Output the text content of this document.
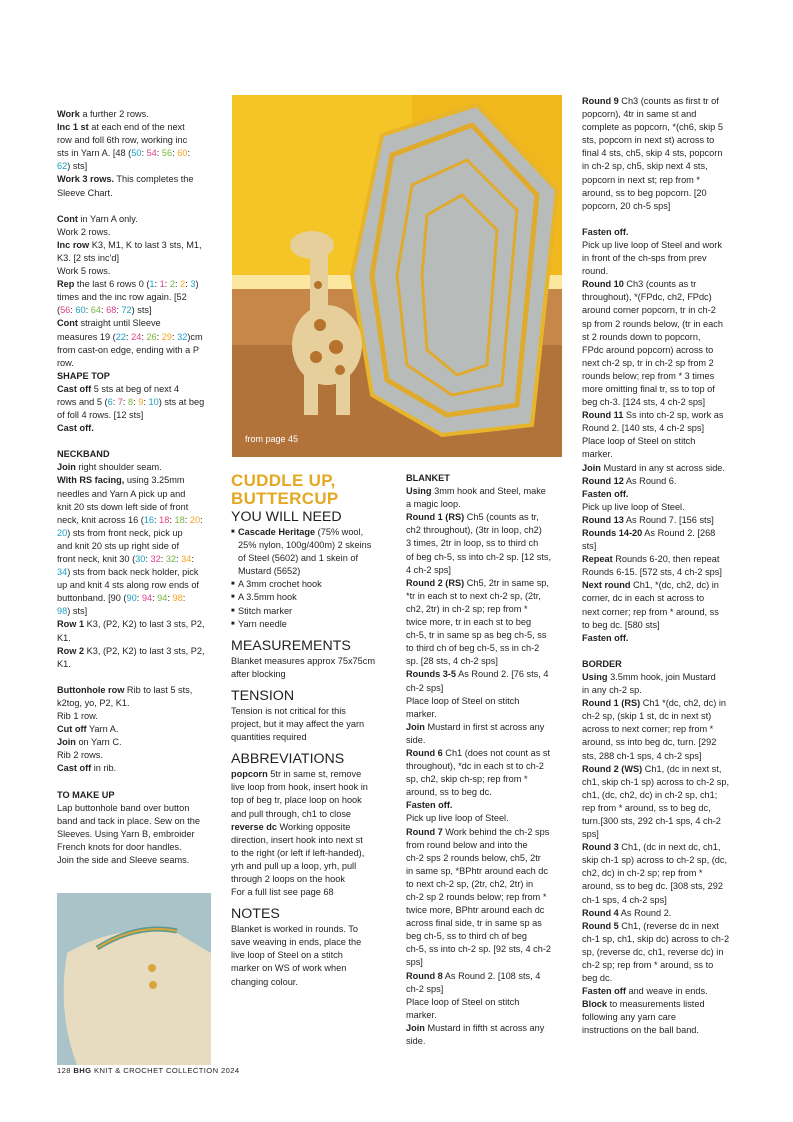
Work a further 2 rows.

Inc 1 st at each end of the next

row and foll 6th row, working inc

sts in Yarn A. [48 (50: 54: 56: 60:

62) sts]

Work 3 rows. This completes the

Sleeve Chart.

Cont in Yarn A only.

Work 2 rows.

Inc row K3, M1, K to last 3 sts, M1,

K3. [2 sts inc'd]

Work 5 rows.

Rep the last 6 rows 0 (1: 1: 2: 2: 3)

times and the inc row again. [52

(56: 60: 64: 68: 72) sts]

Cont straight until Sleeve

measures 19 (22: 24: 26: 29: 32)cm

from cast-on edge, ending with a P

row.

SHAPE TOP

Cast off 5 sts at beg of next 4

rows and 5 (6: 7: 8: 9: 10) sts at beg

of foll 4 rows. [12 sts]

Cast off.

NECKBAND

Join right shoulder seam.

With RS facing, using 3.25mm

needles and Yarn A pick up and

knit 20 sts down left side of front

neck, knit across 16 (16: 18: 18: 20:

20) sts from front neck, pick up

and knit 20 sts up right side of

front neck, knit 30 (30: 32: 32: 34:

34) sts from back neck holder, pick

up and knit 4 sts along row ends of

buttonband. [90 (90: 94: 94: 98:

98) sts]

Row 1 K3, (P2, K2) to last 3 sts, P2,

K1.

Row 2 K3, (P2, K2) to last 3 sts, P2,

K1.

Buttonhole row Rib to last 5 sts,

k2tog, yo, P2, K1.

Rib 1 row.

Cut off Yarn A.

Join on Yarn C.

Rib 2 rows.

Cast off in rib.

TO MAKE UP

Lap buttonhole band over button

band and tack in place. Sew on the

Sleeves. Using Yarn B, embroider

French knots for door handles.

Join the side and Sleeve seams.

from page 45
CUDDLE UP,
BUTTERCUP
YOU WILL NEED
■ Cascade Heritage (75% wool,

25% nylon, 100g/400m) 2 skeins

of Steel (5602) and 1 skein of

Mustard (5652)

■ A 3mm crochet hook

■ A 3.5mm hook

■ Stitch marker

■ Yarn needle

MEASUREMENTS

Blanket measures approx 75x75cm

after blocking

TENSION

Tension is not critical for this

project, but it may affect the yarn

quantities required

ABBREVIATIONS

popcorn 5tr in same st, remove

live loop from hook, insert hook in

top of beg tr, place loop on hook

and pull through, ch1 to close

reverse dc Working opposite

direction, insert hook into next st

to the right (or left if left-handed),

yrh and pull up a loop, yrh, pull

through 2 loops on the hook

For a full list see page 68

NOTES

Blanket is worked in rounds. To

save weaving in ends, place the

live loop of Steel on a stitch

marker on WS of work when

changing colour.

BLANKET

Using 3mm hook and Steel, make

a magic loop.

Round 1 (RS) Ch5 (counts as tr,

ch2 throughout), (3tr in loop, ch2)

3 times, 2tr in loop, ss to third ch

of beg ch-5, ss into ch-2 sp. [12 sts,

4 ch-2 sps]

Round 2 (RS) Ch5, 2tr in same sp,

*tr in each st to next ch-2 sp, (2tr,

ch2, 2tr) in ch-2 sp; rep from *

twice more, tr in each st to beg

ch-5, tr in same sp as beg ch-5, ss

to third ch of beg ch-5, ss in ch-2

sp. [28 sts, 4 ch-2 sps]

Rounds 3-5 As Round 2. [76 sts, 4

ch-2 sps]

Place loop of Steel on stitch

marker.

Join Mustard in first st across any

side.

Round 6 Ch1 (does not count as st

throughout), *dc in each st to ch-2

sp, ch2, skip ch-sp; rep from *

around, ss to beg dc.

Fasten off.

Pick up live loop of Steel.

Round 7 Work behind the ch-2 sps

from round below and into the

ch-2 sps 2 rounds below, ch5, 2tr

in same sp, *BPhtr around each dc

to next ch-2 sp, (2tr, ch2, 2tr) in

ch-2 sp 2 rounds below; rep from *

twice more, BPhtr around each dc

across final side, tr in same sp as

beg ch-5, ss to third ch of beg

ch-5, ss into ch-2 sp. [92 sts, 4 ch-2

sps]

Round 8 As Round 2. [108 sts, 4

ch-2 sps]

Place loop of Steel on stitch

marker.

Join Mustard in fifth st across any

side.

Round 9 Ch3 (counts as first tr of

popcorn), 4tr in same st and

complete as popcorn, *(ch6, skip 5

sts, popcorn in next st) across to

final 4 sts, ch5, skip 4 sts, popcorn

in ch-2 sp, ch5, skip next 4 sts,

popcorn in next st; rep from *

around, ss to beg popcorn. [20

popcorn, 20 ch-5 sps]

Fasten off.

Pick up live loop of Steel and work

in front of the ch-sps from prev

round.

Round 10 Ch3 (counts as tr

throughout), *(FPdc, ch2, FPdc)

around corner popcorn, tr in ch-2

sp from 2 rounds below, (tr in each

st 2 rounds down to popcorn,

FPdc around popcorn) across to

next ch-2 sp, tr in ch-2 sp from 2

rounds below; rep from * 3 times

more omitting final tr, ss to top of

beg ch-3. [124 sts, 4 ch-2 sps]

Round 11 Ss into ch-2 sp, work as

Round 2. [140 sts, 4 ch-2 sps]

Place loop of Steel on stitch

marker.

Join Mustard in any st across side.

Round 12 As Round 6.

Fasten off.

Pick up live loop of Steel.

Round 13 As Round 7. [156 sts]

Rounds 14-20 As Round 2. [268

sts]

Repeat Rounds 6-20, then repeat

Rounds 6-15. [572 sts, 4 ch-2 sps]

Next round Ch1, *(dc, ch2, dc) in

corner, dc in each st across to

next corner; rep from * around, ss

to beg dc. [580 sts]

Fasten off.

BORDER

Using 3.5mm hook, join Mustard

in any ch-2 sp.

Round 1 (RS) Ch1 *(dc, ch2, dc) in

ch-2 sp, (skip 1 st, dc in next st)

across to next corner; rep from *

around, ss into beg dc, turn. [292

sts, 288 ch-1 sps, 4 ch-2 sps]

Round 2 (WS) Ch1, (dc in next st,

ch1, skip ch-1 sp) across to ch-2 sp,

ch1, (dc, ch2, dc) in ch-2 sp, ch1;

rep from * around, ss to beg dc,

turn.[300 sts, 292 ch-1 sps, 4 ch-2

sps]

Round 3 Ch1, (dc in next dc, ch1,

skip ch-1 sp) across to ch-2 sp, (dc,

ch2, dc) in ch-2 sp; rep from *

around, ss to beg dc. [308 sts, 292

ch-1 sps, 4 ch-2 sps]

Round 4 As Round 2.

Round 5 Ch1, (reverse dc in next

ch-1 sp, ch1, skip dc) across to ch-2

sp, (reverse dc, ch1, reverse dc) in

ch-2 sp; rep from * around, ss to

beg dc.

Fasten off and weave in ends.

Block to measurements listed

following any yarn care

instructions on the ball band.

128 BHG KNIT & CROCHET COLLECTION 2024
